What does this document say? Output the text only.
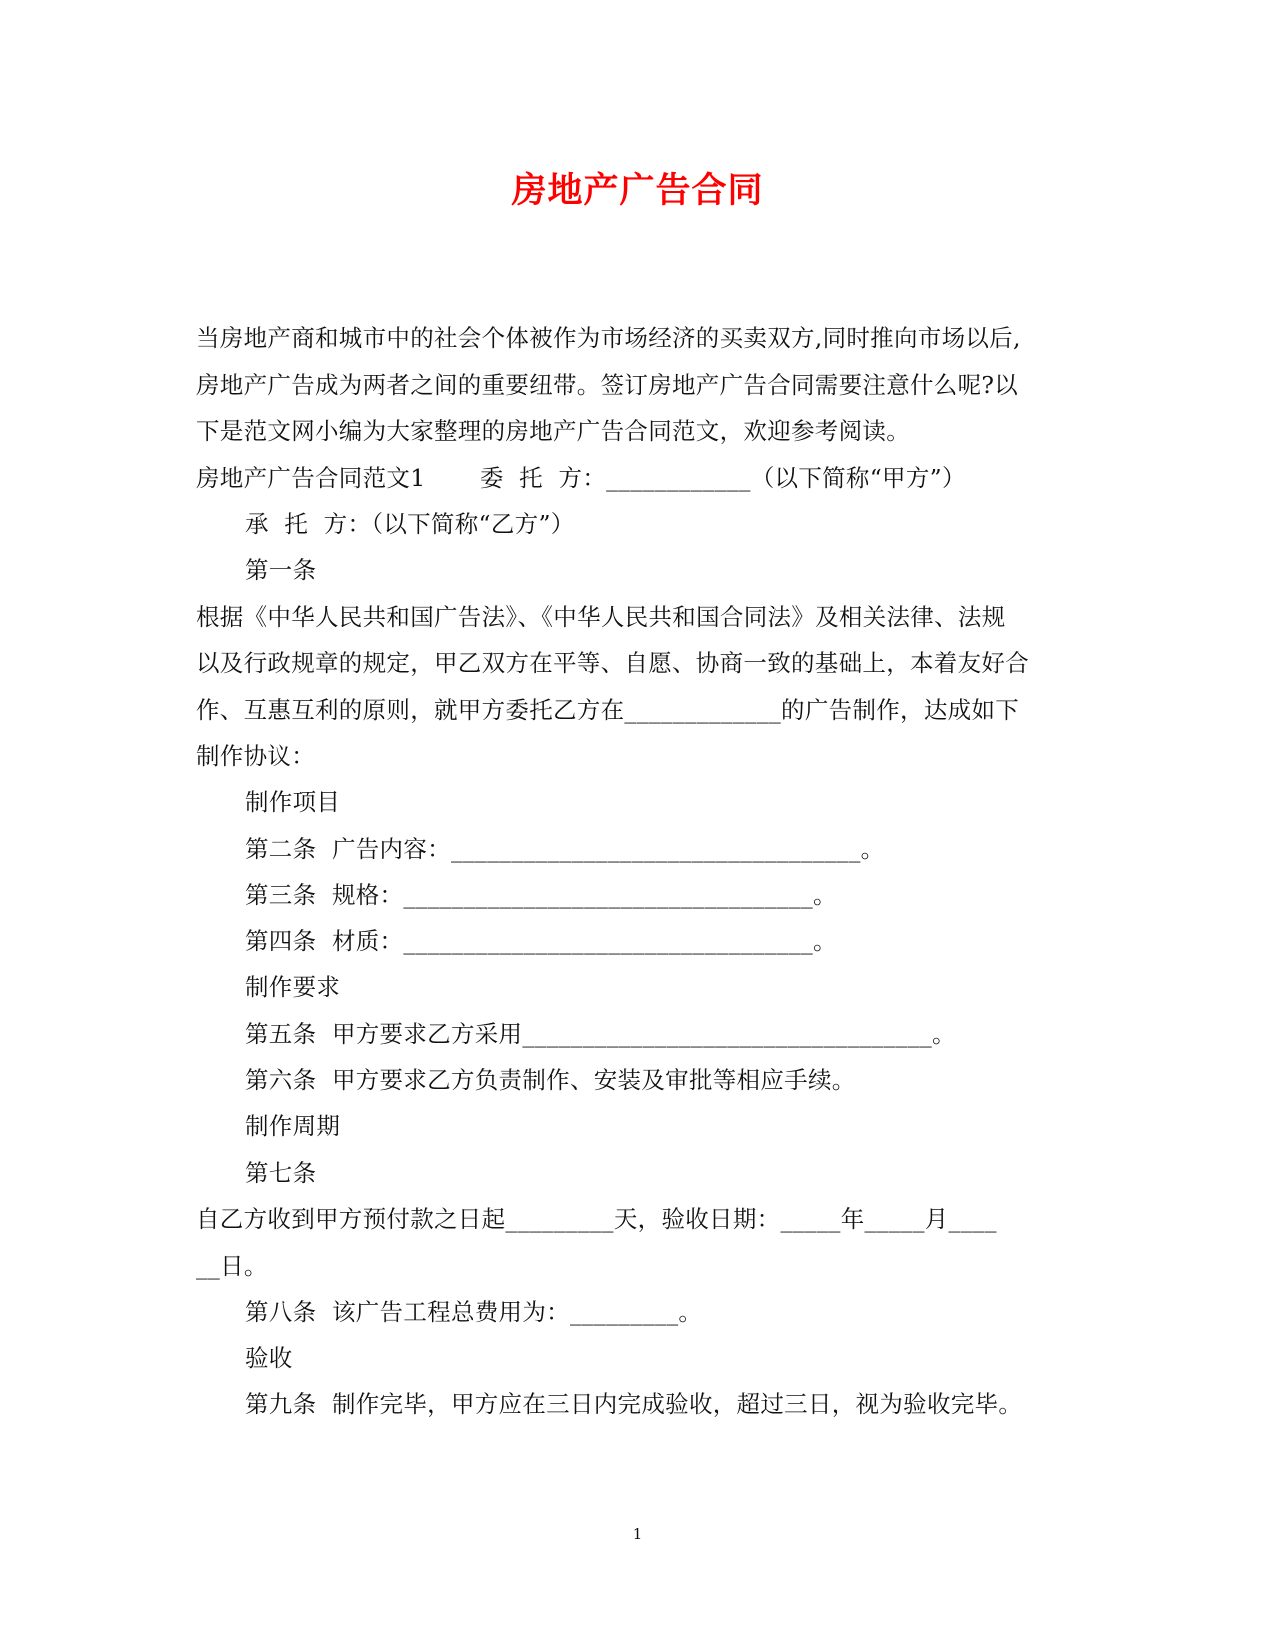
房地产广告合同
当房地产商和城市中的社会个体被作为市场经济的买卖双方,同时推向市场以后,
房地产广告成为两者之间的重要纽带。签订房地产广告合同需要注意什么呢?以
下是范文网小编为大家整理的房地产广告合同范文，欢迎参考阅读。
房地产广告合同范文1       委  托  方：____________（以下简称“甲方”）
承  托  方：（以下简称“乙方”）
第一条
根据《中华人民共和国广告法》、《中华人民共和国合同法》及相关法律、法规
以及行政规章的规定，甲乙双方在平等、自愿、协商一致的基础上，本着友好合
作、互惠互利的原则，就甲方委托乙方在_____________的广告制作，达成如下
制作协议：
制作项目
第二条  广告内容：__________________________________。
第三条  规格：__________________________________。
第四条  材质：__________________________________。
制作要求
第五条  甲方要求乙方采用__________________________________。
第六条  甲方要求乙方负责制作、安装及审批等相应手续。
制作周期
第七条
自乙方收到甲方预付款之日起_________天，验收日期：_____年_____月____
__日。
第八条  该广告工程总费用为：_________。
验收
第九条  制作完毕，甲方应在三日内完成验收，超过三日，视为验收完毕。
1
